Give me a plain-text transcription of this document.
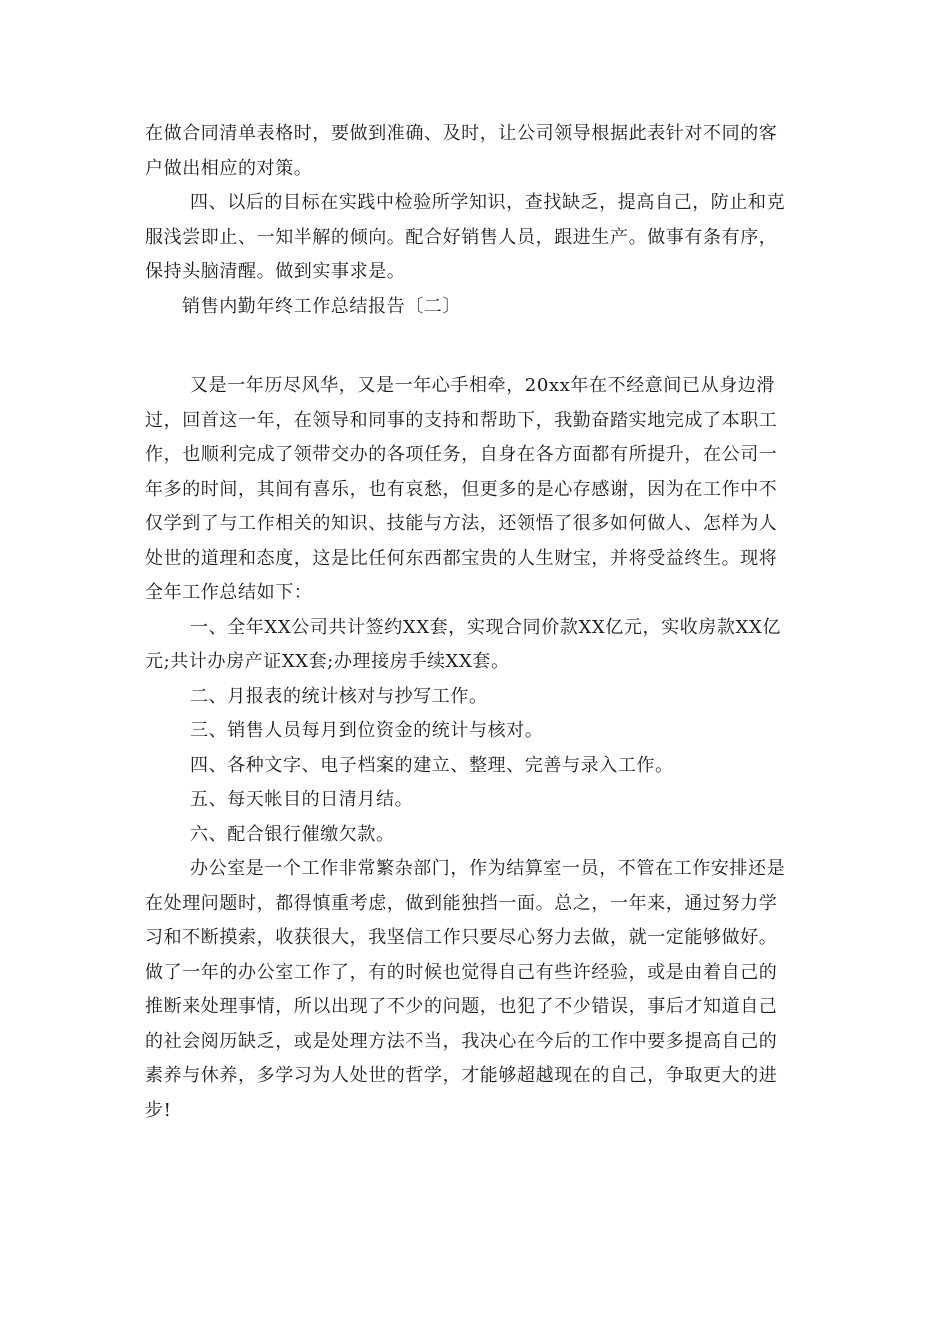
在做合同清单表格时，要做到准确、及时，让公司领导根据此表针对不同的客
户做出相应的对策。
四、以后的目标在实践中检验所学知识，查找缺乏，提高自己，防止和克
服浅尝即止、一知半解的倾向。配合好销售人员，跟进生产。做事有条有序，
保持头脑清醒。做到实事求是。
销售内勤年终工作总结报告〔二〕
又是一年历尽风华，又是一年心手相牵，20xx年在不经意间已从身边滑
过，回首这一年，在领导和同事的支持和帮助下，我勤奋踏实地完成了本职工
作，也顺利完成了领带交办的各项任务，自身在各方面都有所提升，在公司一
年多的时间，其间有喜乐，也有哀愁，但更多的是心存感谢，因为在工作中不
仅学到了与工作相关的知识、技能与方法，还领悟了很多如何做人、怎样为人
处世的道理和态度，这是比任何东西都宝贵的人生财宝，并将受益终生。现将
全年工作总结如下：
一、全年XX公司共计签约XX套，实现合同价款XX亿元，实收房款XX亿
元;共计办房产证XX套;办理接房手续XX套。
二、月报表的统计核对与抄写工作。
三、销售人员每月到位资金的统计与核对。
四、各种文字、电子档案的建立、整理、完善与录入工作。
五、每天帐目的日清月结。
六、配合银行催缴欠款。
办公室是一个工作非常繁杂部门，作为结算室一员，不管在工作安排还是
在处理问题时，都得慎重考虑，做到能独挡一面。总之，一年来，通过努力学
习和不断摸索，收获很大，我坚信工作只要尽心努力去做，就一定能够做好。
做了一年的办公室工作了，有的时候也觉得自己有些许经验，或是由着自己的
推断来处理事情，所以出现了不少的问题，也犯了不少错误，事后才知道自己
的社会阅历缺乏，或是处理方法不当，我决心在今后的工作中要多提高自己的
素养与休养，多学习为人处世的哲学，才能够超越现在的自己，争取更大的进
步!
